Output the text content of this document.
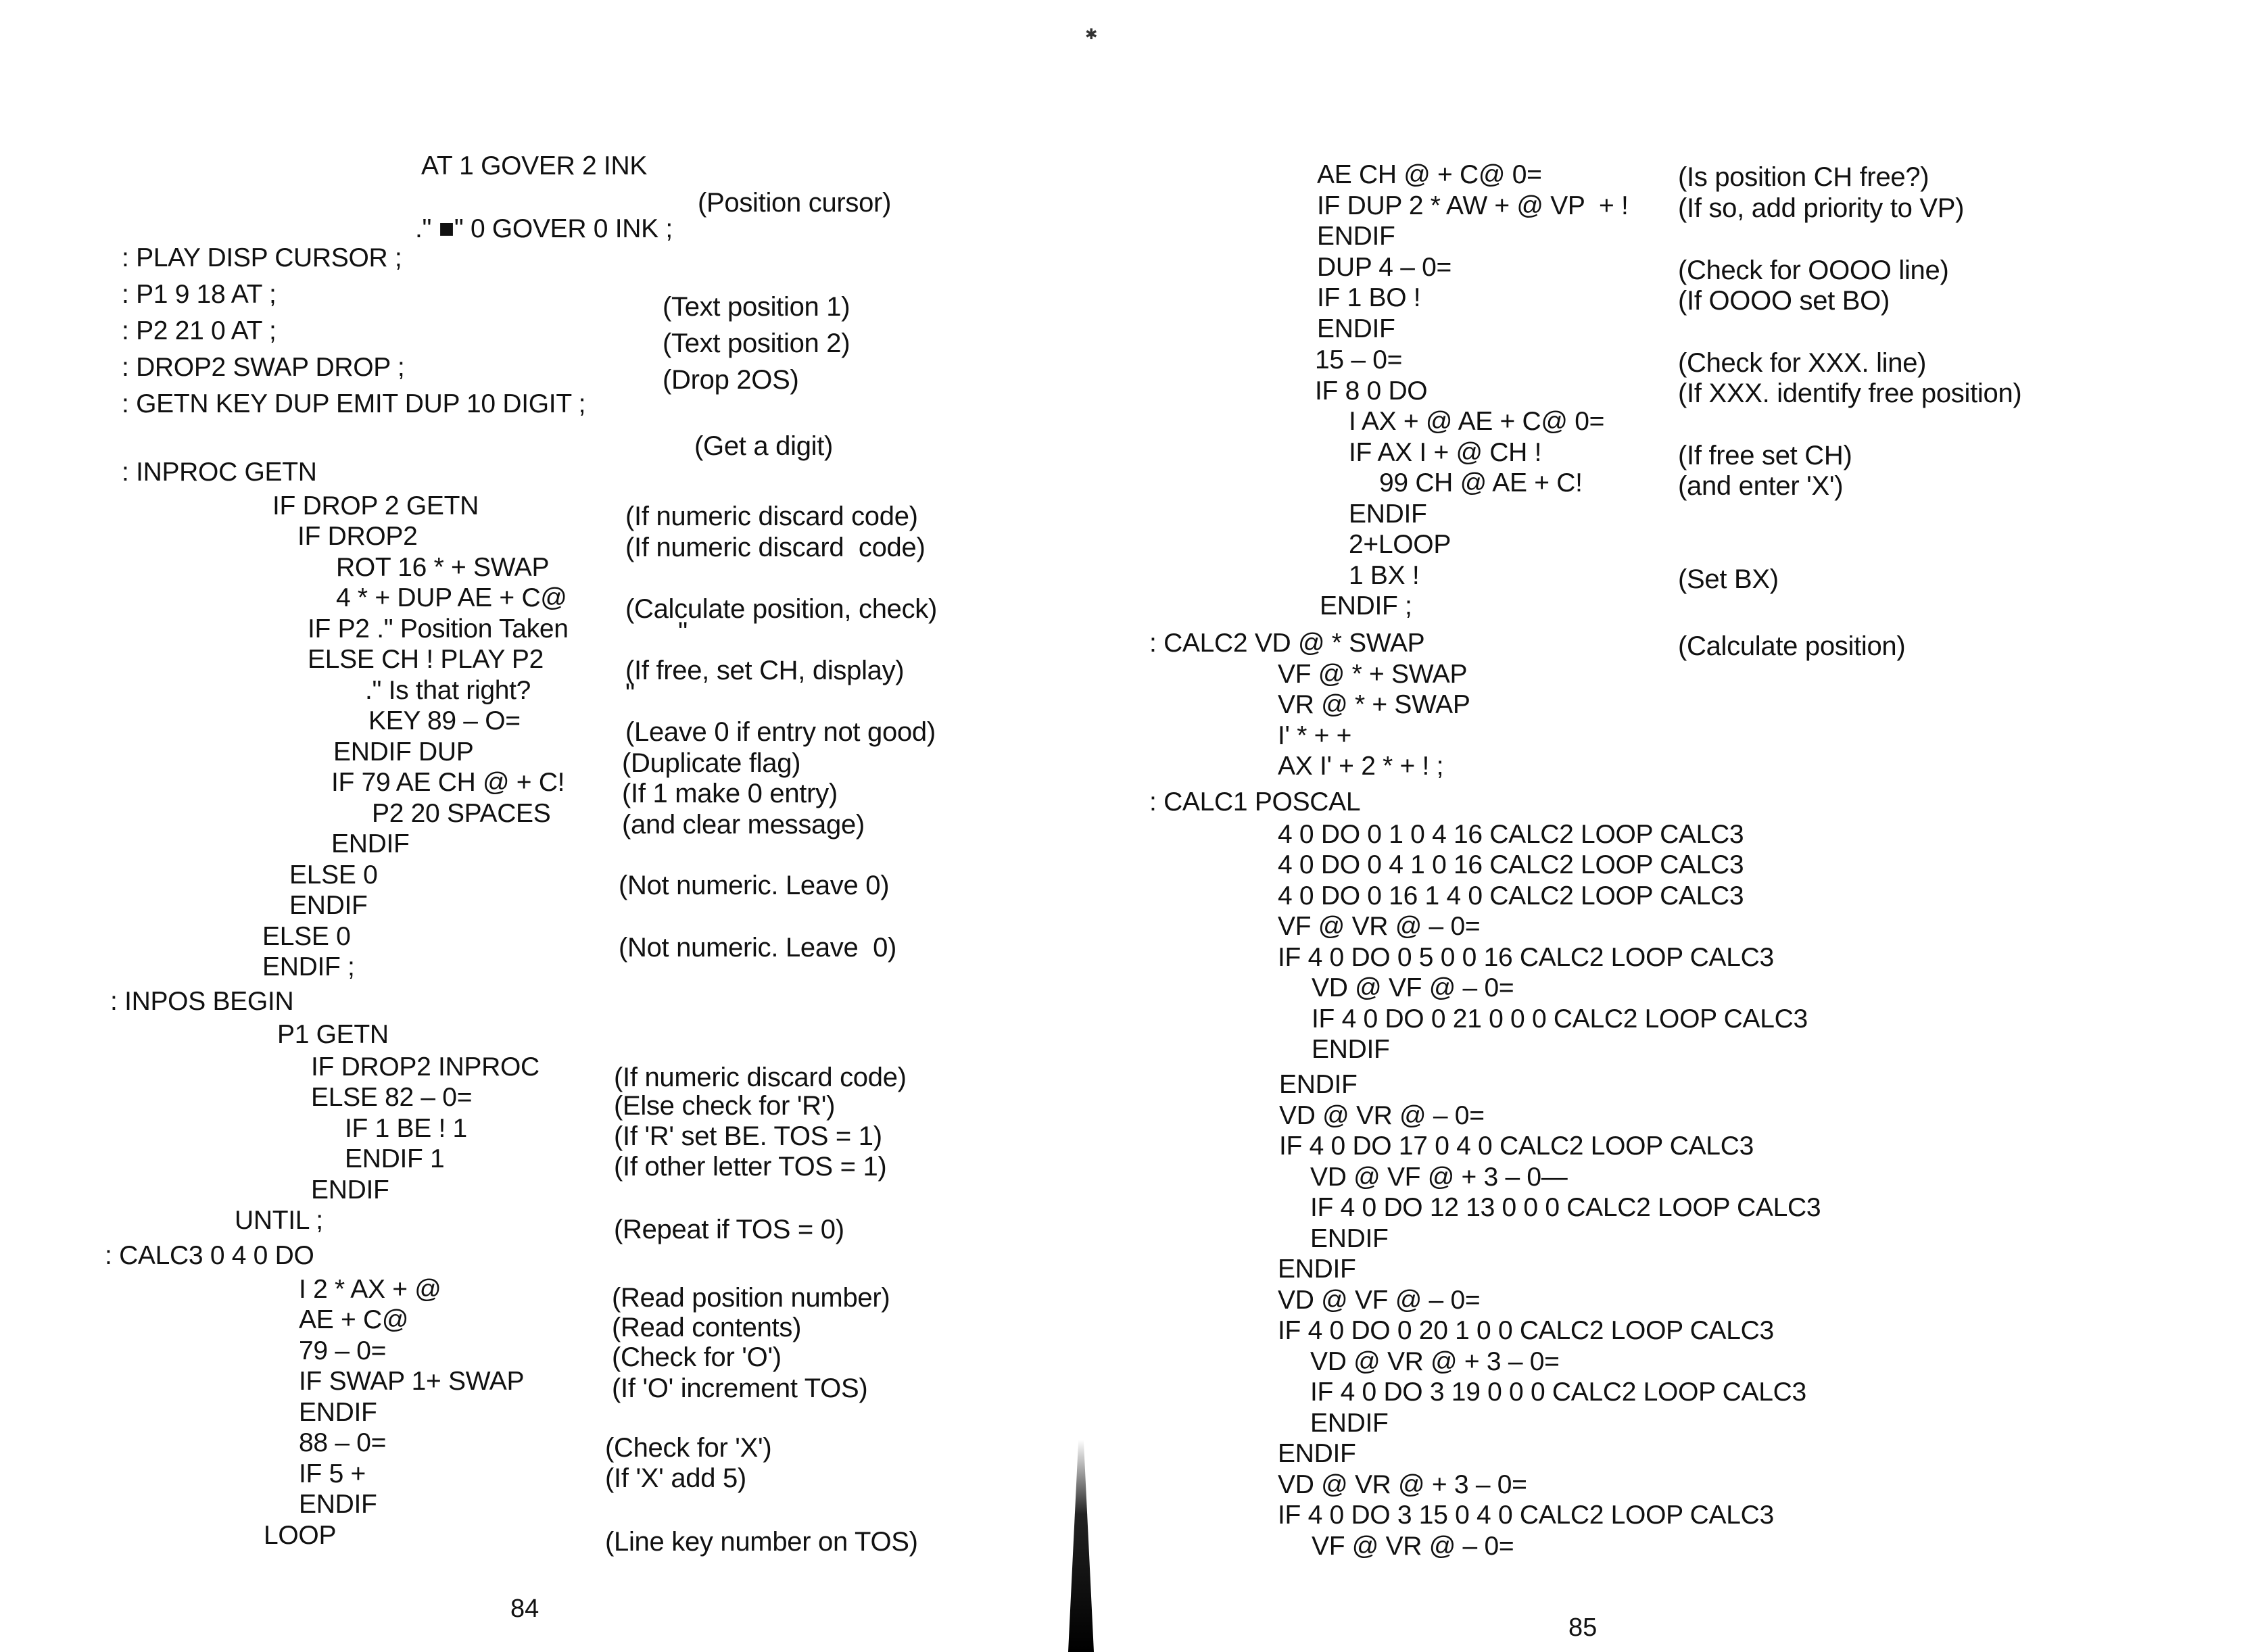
AT 1 GOVER 2 INK
." ■" 0 GOVER 0 INK ;
: PLAY DISP CURSOR ;
: P1 9 18 AT ;
: P2 21 0 AT ;
: DROP2 SWAP DROP ;
: GETN KEY DUP EMIT DUP 10 DIGIT ;
: INPROC GETN
IF DROP 2 GETN
IF DROP2
ROT 16 * + SWAP
4 * + DUP AE + C@
IF P2 ." Position Taken
ELSE CH ! PLAY P2
." Is that right?
KEY 89 – O=
ENDIF DUP
IF 79 AE CH @ + C!
P2 20 SPACES
ENDIF
ELSE 0
ENDIF
ELSE 0
ENDIF ;
: INPOS BEGIN
P1 GETN
IF DROP2 INPROC
ELSE 82 – 0=
IF 1 BE ! 1
ENDIF 1
ENDIF
UNTIL ;
: CALC3 0 4 0 DO
I 2 * AX + @
AE + C@
79 – 0=
IF SWAP 1+ SWAP
ENDIF
88 – 0=
IF 5 +
ENDIF
LOOP
(Position cursor)
(Text position 1)
(Text position 2)
(Drop 2OS)
(Get a digit)
(If numeric discard code)
(If numeric discard  code)
(Calculate position, check)
"
(If free, set CH, display)
"
(Leave 0 if entry not good)
(Duplicate flag)
(If 1 make 0 entry)
(and clear message)
(Not numeric. Leave 0)
(Not numeric. Leave  0)
(If numeric discard code)
(Else check for 'R')
(If 'R' set BE. TOS = 1)
(If other letter TOS = 1)
(Repeat if TOS = 0)
(Read position number)
(Read contents)
(Check for 'O')
(If 'O' increment TOS)
(Check for 'X')
(If 'X' add 5)
(Line key number on TOS)
84
✱
AE CH @ + C@ 0=
IF DUP 2 * AW + @ VP  + !
ENDIF
DUP 4 – 0=
IF 1 BO !
ENDIF
15 – 0=
IF 8 0 DO
I AX + @ AE + C@ 0=
IF AX I + @ CH !
99 CH @ AE + C!
ENDIF
2+LOOP
1 BX !
ENDIF ;
: CALC2 VD @ * SWAP
VF @ * + SWAP
VR @ * + SWAP
I' * + +
AX I' + 2 * + ! ;
: CALC1 POSCAL
4 0 DO 0 1 0 4 16 CALC2 LOOP CALC3
4 0 DO 0 4 1 0 16 CALC2 LOOP CALC3
4 0 DO 0 16 1 4 0 CALC2 LOOP CALC3
VF @ VR @ – 0=
IF 4 0 DO 0 5 0 0 16 CALC2 LOOP CALC3
VD @ VF @ – 0=
IF 4 0 DO 0 21 0 0 0 CALC2 LOOP CALC3
ENDIF
ENDIF
VD @ VR @ – 0=
IF 4 0 DO 17 0 4 0 CALC2 LOOP CALC3
VD @ VF @ + 3 – 0—
IF 4 0 DO 12 13 0 0 0 CALC2 LOOP CALC3
ENDIF
ENDIF
VD @ VF @ – 0=
IF 4 0 DO 0 20 1 0 0 CALC2 LOOP CALC3
VD @ VR @ + 3 – 0=
IF 4 0 DO 3 19 0 0 0 CALC2 LOOP CALC3
ENDIF
ENDIF
VD @ VR @ + 3 – 0=
IF 4 0 DO 3 15 0 4 0 CALC2 LOOP CALC3
VF @ VR @ – 0=
(Is position CH free?)
(If so, add priority to VP)
(Check for OOOO line)
(If OOOO set BO)
(Check for XXX. line)
(If XXX. identify free position)
(If free set CH)
(and enter 'X')
(Set BX)
(Calculate position)
85
